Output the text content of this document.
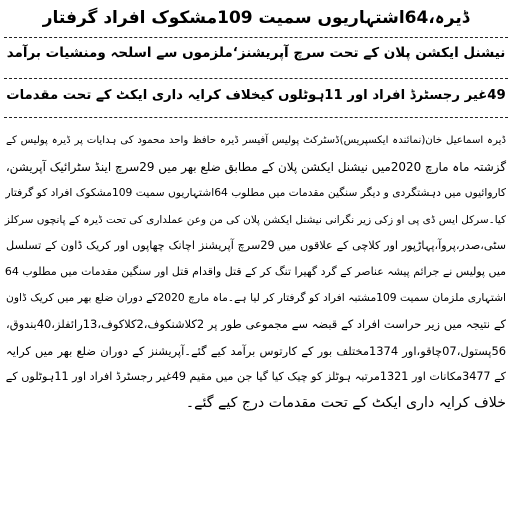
ڈیرہ،64اشتہاریوں سمیت 109مشکوک افراد گرفتار
نیشنل ایکشن پلان کے تحت سرچ آپریشنز‘ملزموں سے اسلحہ ومنشیات برآمد
49غیر رجسٹرڈ افراد اور 11ہوٹلوں کیخلاف کرایہ داری ایکٹ کے تحت مقدمات
ڈیرہ اسماعیل خان(نمائندہ ایکسپریس)ڈسٹرکٹ پولیس آفیسر ڈیرہ حافظ واحد محمود کی ہدایات پر ڈیرہ پولیس کے
گزشتہ ماہ مارچ 2020میں نیشنل ایکشن پلان کے مطابق ضلع بھر میں 29سرچ اینڈ سٹرائیک آپریشن،
کاروائیوں میں دہشتگردی و دیگر سنگین مقدمات میں مطلوب 64اشتہاریوں سمیت 109مشکوک افراد کو گرفتار
کیا۔سرکل ایس ڈی پی او زکی زیر نگرانی نیشنل ایکشن پلان کی من وعن عملداری کی تحت ڈیرہ کے پانچوں سرکلز
سٹی،صدر،پروآ،پہاڑپور اور کلاچی کے علاقوں میں 29سرچ آپریشنز اچانک چھاپوں اور کریک ڈاون کے تسلسل
میں پولیس نے جرائم پیشہ عناصر کے گرد گھیرا تنگ کر کے قتل واقدام قتل اور سنگین مقدمات میں مطلوب 64
اشتہاری ملزمان سمیت 109مشتبہ افراد کو گرفتار کر لیا ہے۔ماہ مارچ 2020کے دوران ضلع بھر میں کریک ڈاون
کے نتیجہ میں زیر حراست افراد کے قبضہ سے مجموعی طور پر 2کلاشنکوف،2کلاکوف،13رائفلز،40بندوق،
56پستول،07چاقو،اور 1374مختلف بور کے کارتوس برآمد کیے گئے۔آپریشنز کے دوران ضلع بھر میں کرایہ
کے 3477مکانات اور 1321مرتبہ ہوٹلز کو چیک کیا گیا جن میں مقیم 49غیر رجسٹرڈ افراد اور 11ہوٹلوں کے
خلاف کرایہ داری ایکٹ کے تحت مقدمات درج کیے گئے۔
